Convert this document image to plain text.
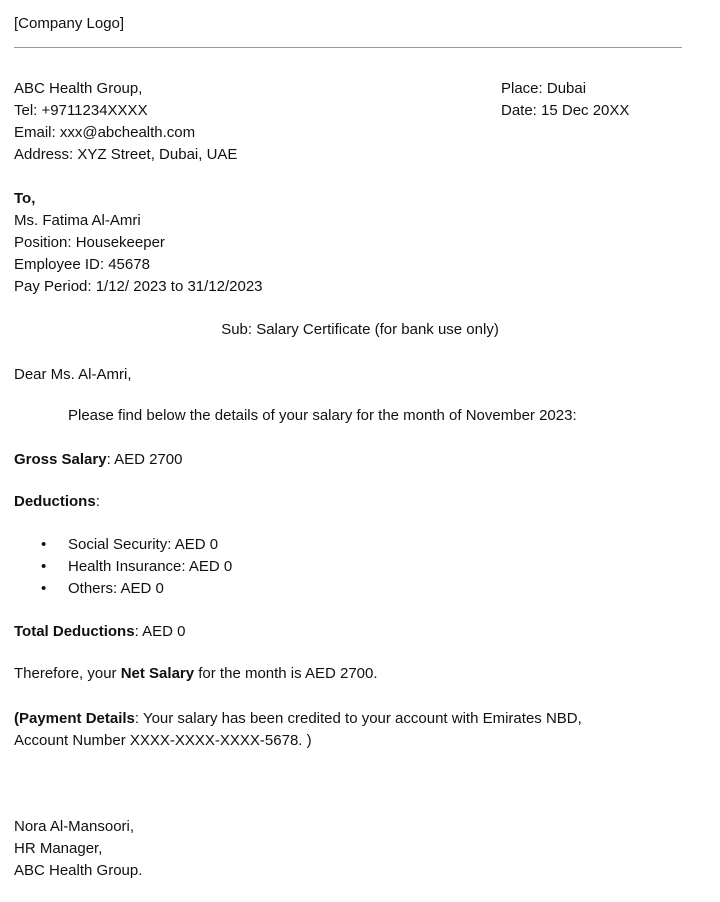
[Company Logo]
ABC Health Group,
Tel: +9711234XXXX
Email: xxx@abchealth.com
Address: XYZ Street, Dubai, UAE
Place: Dubai
Date: 15 Dec 20XX
To,
Ms. Fatima Al-Amri
Position: Housekeeper
Employee ID: 45678
Pay Period: 1/12/ 2023 to 31/12/2023
Sub: Salary Certificate (for bank use only)
Dear Ms. Al-Amri,
Please find below the details of your salary for the month of November 2023:
Gross Salary: AED 2700
Deductions:
• Social Security: AED 0
• Health Insurance: AED 0
• Others: AED 0
Total Deductions: AED 0
Therefore, your Net Salary for the month is AED 2700.
(Payment Details: Your salary has been credited to your account with Emirates NBD,
Account Number XXXX-XXXX-XXXX-5678. )
Nora Al-Mansoori,
HR Manager,
ABC Health Group.
